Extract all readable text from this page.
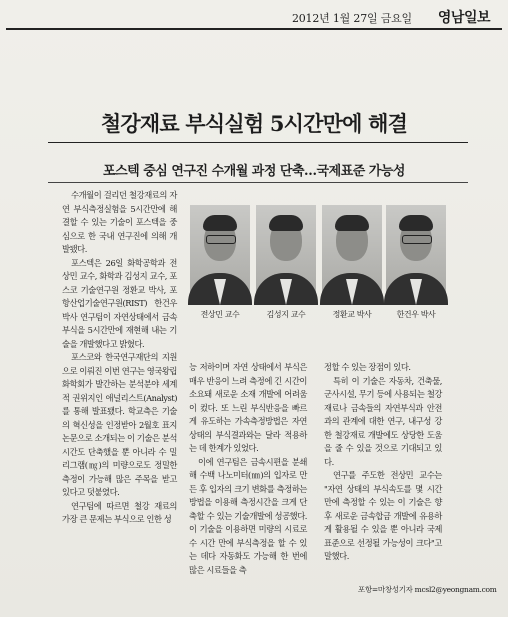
2012년 1월 27일 금요일 영남일보
철강재료 부식실험 5시간만에 해결
포스텍 중심 연구진 수개월 과정 단축…국제표준 가능성

수개월이 걸리던 철강재료의 자연 부식측정실험을 5시간만에 해결할 수 있는 기술이 포스텍을 중심으로 한 국내 연구진에 의해 개발됐다.

포스텍은 26일 화학공학과 전상민 교수, 화학과 김성지 교수, 포스코 기술연구원 정환교 박사, 포항산업기술연구원(RIST) 한건우 박사 연구팀이 자연상태에서 금속 부식을 5시간만에 재현해 내는 기술을 개발했다고 밝혔다.

포스코와 한국연구재단의 지원으로 이뤄진 이번 연구는 영국왕립화학회가 발간하는 분석분야 세계적 권위지인 애널리스트(Analyst)를 통해 발표됐다. 학교측은 기술의 혁신성을 인정받아 2월호 표지논문으로 소개되는 이 기술은 분석 시간도 단축했을 뿐 아니라 수 밀리그램(㎎)의 미량으로도 정밀한 측정이 가능해 많은 주목을 받고 있다고 덧붙였다.

연구팀에 따르면 철강 재료의 가장 큰 문제는 부식으로 인한 성

전상민 교수	김성지 교수	정환교 박사	한건우 박사

능 저하이며 자연 상태에서 부식은 매우 반응이 느려 측정에 긴 시간이 소요돼 새로운 소재 개발에 어려움이 컸다. 또 느린 부식반응을 빠르게 유도하는 가속측정방법은 자연상태의 부식결과와는 달라 적용하는 데 한계가 있었다.

이에 연구팀은 금속시편을 분쇄해 수백 나노미터(㎚)의 입자로 만든 후 입자의 크기 변화를 측정하는 방법을 이용해 측정시간을 크게 단축할 수 있는 기술개발에 성공했다. 이 기술을 이용하면 미량의 시료로 수 시간 만에 부식측정을 할 수 있는 데다 자동화도 가능해 한 번에 많은 시료들을 측

정할 수 있는 장점이 있다.

특히 이 기술은 자동차, 건축물, 군사시설, 무기 등에 사용되는 철강재료나 금속들의 자연부식과 안전과의 관계에 대한 연구, 내구성 강한 철강재료 개발에도 상당한 도움을 줄 수 있을 것으로 기대되고 있다.

연구를 주도한 전상민 교수는 "자연 상태의 부식속도를 몇 시간 만에 측정할 수 있는 이 기술은 향후 새로운 금속합금 개발에 유용하게 활용될 수 있을 뿐 아니라 국제표준으로 선정될 가능성이 크다"고 말했다.

포항=마창성기자 mcsl2@yeongnam.com
